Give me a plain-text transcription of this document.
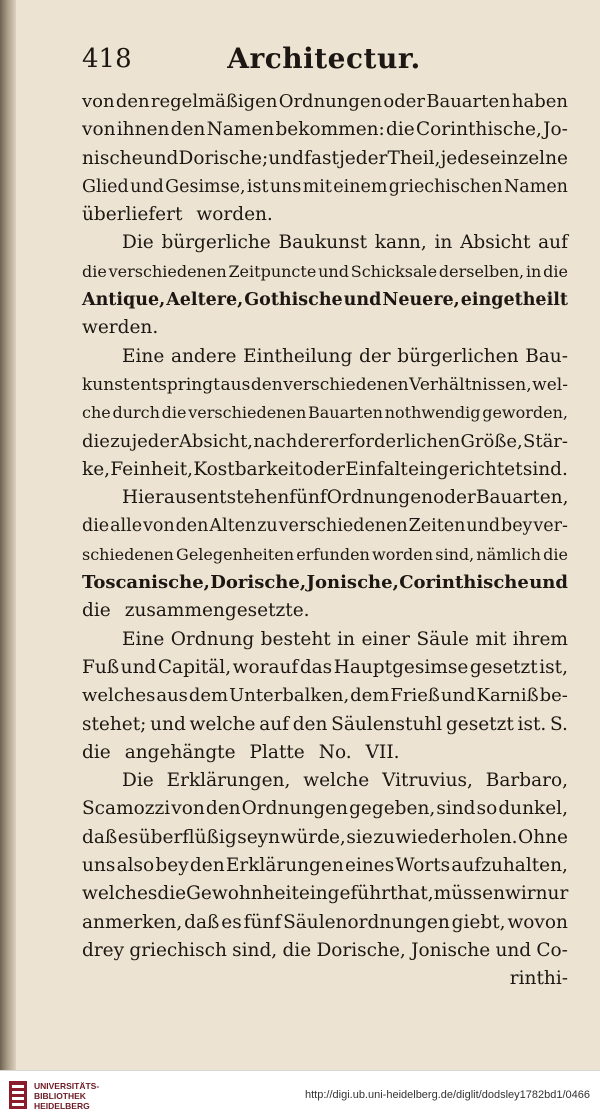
418	Architectur.
von den regelmäßigen Ordnungen oder Bauarten haben
von ihnen den Namen bekommen: die Corinthische, Jo-
nische und Dorische; und fast jeder Theil, jedes einzelne
Glied und Gesimse, ist uns mit einem griechischen Namen
überliefert worden.
Die bürgerliche Baukunst kann, in Absicht auf
die verschiedenen Zeitpuncte und Schicksale derselben, in die
Antique, Aeltere, Gothische und Neuere, eingetheilt
werden.
Eine andere Eintheilung der bürgerlichen Bau-
kunst entspringt aus den verschiedenen Verhältnissen, wel-
che durch die verschiedenen Bauarten nothwendig geworden,
die zu jeder Absicht, nach der erforderlichen Größe, Stär-
ke, Feinheit, Kostbarkeit oder Einfalt eingerichtet sind.
Hieraus entstehen fünf Ordnungen oder Bauarten,
die alle von den Alten zu verschiedenen Zeiten und bey ver-
schiedenen Gelegenheiten erfunden worden sind, nämlich die
Toscanische, Dorische, Jonische, Corinthische und
die zusammengesetzte.
Eine Ordnung besteht in einer Säule mit ihrem
Fuß und Capitäl, worauf das Hauptgesimse gesetzt ist,
welches aus dem Unterbalken, dem Frieß und Karniß be-
stehet; und welche auf den Säulenstuhl gesetzt ist. S.
die angehängte Platte No. VII.
Die Erklärungen, welche Vitruvius, Barbaro,
Scamozzi von den Ordnungen gegeben, sind so dunkel,
daß es überflüßig seyn würde, sie zu wiederholen. Ohne
uns also bey den Erklärungen eines Worts aufzuhalten,
welches die Gewohnheit eingeführt hat, müssen wir nur
anmerken, daß es fünf Säulenordnungen giebt, wovon
drey griechisch sind, die Dorische, Jonische und Co-
rinthi-
UNIVERSITÄTS-
BIBLIOTHEK
HEIDELBERG
http://digi.ub.uni-heidelberg.de/diglit/dodsley1782bd1/0466
